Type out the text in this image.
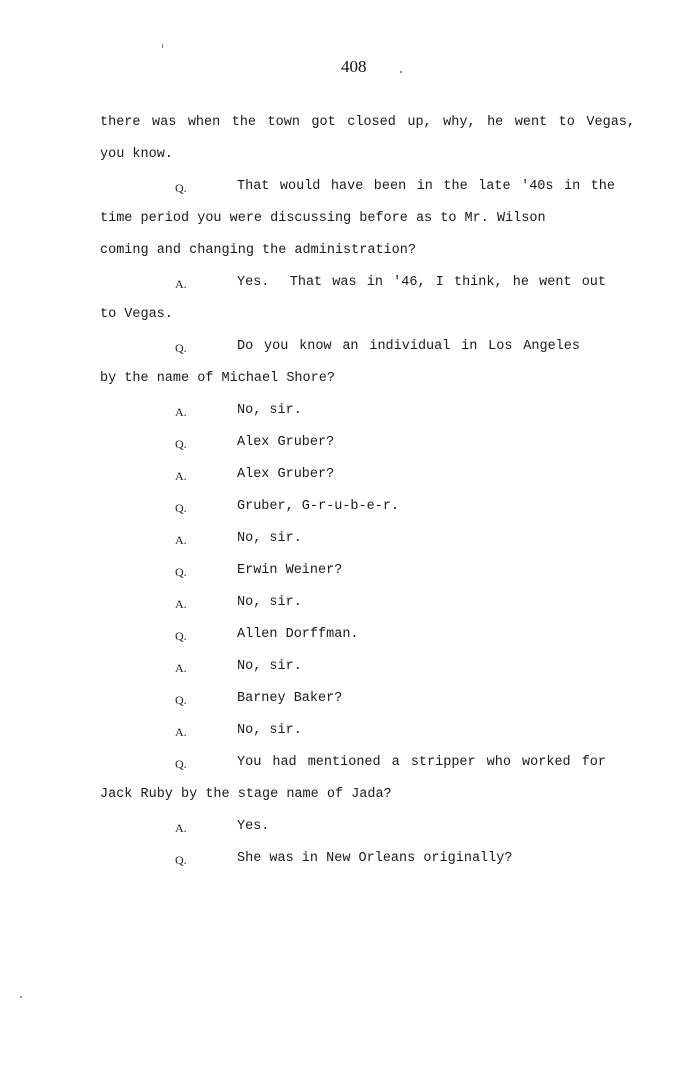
408
there was when the town got closed up, why, he went to Vegas,
you know.
Q.	That would have been in the late '40s in the
time period you were discussing before as to Mr. Wilson
coming and changing the administration?
A.	Yes.  That was in '46, I think, he went out
to Vegas.
Q.	Do you know an individual in Los Angeles
by the name of Michael Shore?
A.	No, sir.
Q.	Alex Gruber?
A.	Alex Gruber?
Q.	Gruber, G-r-u-b-e-r.
A.	No, sir.
Q.	Erwin Weiner?
A.	No, sir.
Q.	Allen Dorffman.
A.	No, sir.
Q.	Barney Baker?
A.	No, sir.
Q.	You had mentioned a stripper who worked for
Jack Ruby by the stage name of Jada?
A.	Yes.
Q.	She was in New Orleans originally?
